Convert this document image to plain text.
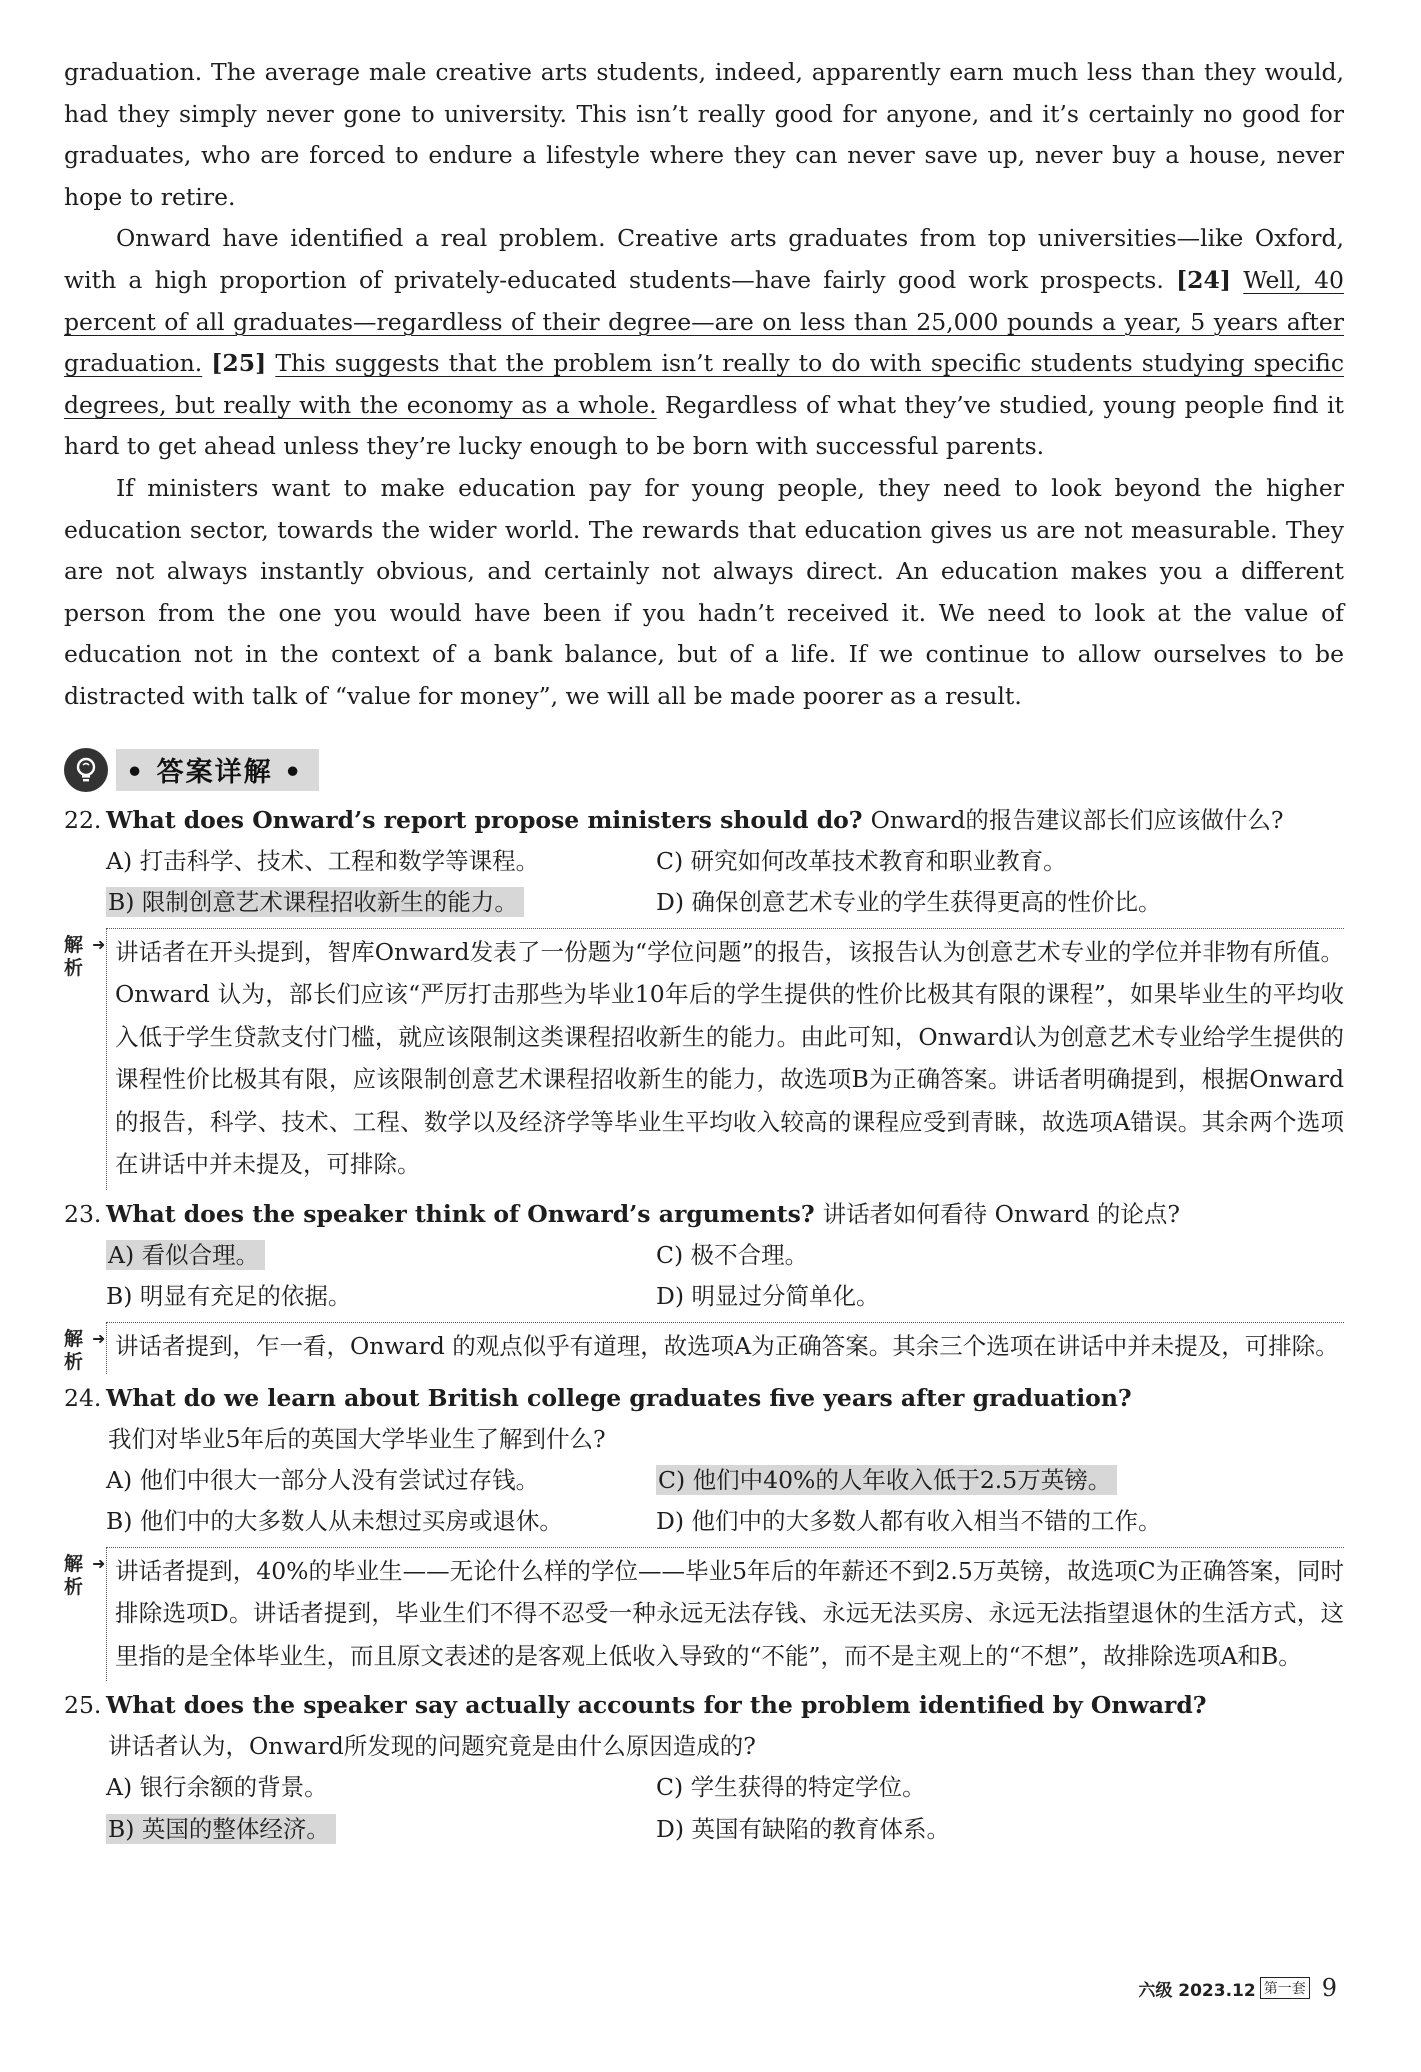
graduation. The average male creative arts students, indeed, apparently earn much less than they would, had they simply never gone to university. This isn’t really good for anyone, and it’s certainly no good for graduates, who are forced to endure a lifestyle where they can never save up, never buy a house, never hope to retire.

Onward have identified a real problem. Creative arts graduates from top universities—like Oxford, with a high proportion of privately-educated students—have fairly good work prospects. [24] Well, 40 percent of all graduates—regardless of their degree—are on less than 25,000 pounds a year, 5 years after graduation. [25] This suggests that the problem isn’t really to do with specific students studying specific degrees, but really with the economy as a whole. Regardless of what they’ve studied, young people find it hard to get ahead unless they’re lucky enough to be born with successful parents.

If ministers want to make education pay for young people, they need to look beyond the higher education sector, towards the wider world. The rewards that education gives us are not measurable. They are not always instantly obvious, and certainly not always direct. An education makes you a different person from the one you would have been if you hadn’t received it. We need to look at the value of education not in the context of a bank balance, but of a life. If we continue to allow ourselves to be distracted with talk of “value for money”, we will all be made poorer as a result.

• 答案详解 •
22. What does Onward’s report propose ministers should do? Onward的报告建议部长们应该做什么?
A) 打击科学、技术、工程和数学等课程。	C) 研究如何改革技术教育和职业教育。
B) 限制创意艺术课程招收新生的能力。	D) 确保创意艺术专业的学生获得更高的性价比。
解析
➜ 讲话者在开头提到，智库Onward发表了一份题为“学位问题”的报告，该报告认为创意艺术专业的学位并非物有所值。Onward 认为，部长们应该“严厉打击那些为毕业10年后的学生提供的性价比极其有限的课程”，如果毕业生的平均收入低于学生贷款支付门槛，就应该限制这类课程招收新生的能力。由此可知，Onward认为创意艺术专业给学生提供的课程性价比极其有限，应该限制创意艺术课程招收新生的能力，故选项B为正确答案。讲话者明确提到，根据Onward的报告，科学、技术、工程、数学以及经济学等毕业生平均收入较高的课程应受到青睐，故选项A错误。其余两个选项在讲话中并未提及，可排除。
23. What does the speaker think of Onward’s arguments? 讲话者如何看待 Onward 的论点?
A) 看似合理。	C) 极不合理。
B) 明显有充足的依据。	D) 明显过分简单化。
解析
➜ 讲话者提到，乍一看，Onward 的观点似乎有道理，故选项A为正确答案。其余三个选项在讲话中并未提及，可排除。
24. What do we learn about British college graduates five years after graduation?
我们对毕业5年后的英国大学毕业生了解到什么?
A) 他们中很大一部分人没有尝试过存钱。	C) 他们中40%的人年收入低于2.5万英镑。
B) 他们中的大多数人从未想过买房或退休。	D) 他们中的大多数人都有收入相当不错的工作。
解析
➜ 讲话者提到，40%的毕业生——无论什么样的学位——毕业5年后的年薪还不到2.5万英镑，故选项C为正确答案，同时排除选项D。讲话者提到，毕业生们不得不忍受一种永远无法存钱、永远无法买房、永远无法指望退休的生活方式，这里指的是全体毕业生，而且原文表述的是客观上低收入导致的“不能”，而不是主观上的“不想”，故排除选项A和B。
25. What does the speaker say actually accounts for the problem identified by Onward?
讲话者认为，Onward所发现的问题究竟是由什么原因造成的?
A) 银行余额的背景。	C) 学生获得的特定学位。
B) 英国的整体经济。	D) 英国有缺陷的教育体系。
六级 2023.12 第一套 9
